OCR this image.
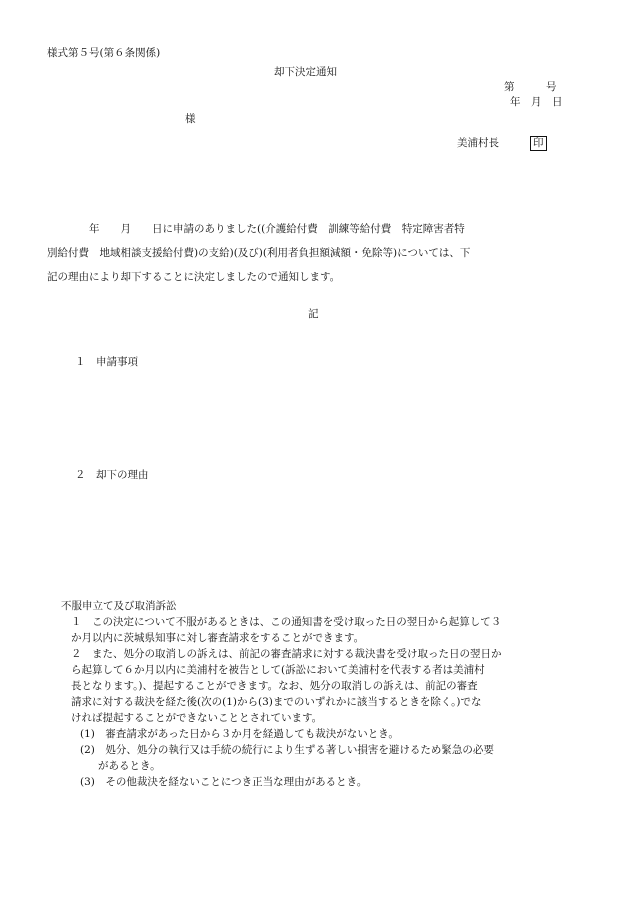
様式第５号(第６条関係)
却下決定通知
第　　　号
年　月　日
様
美浦村長	印
　　　　年　　月　　日に申請のありました((介護給付費　訓練等給付費　特定障害者特
別給付費　地域相談支援給付費)の支給)(及び)(利用者負担額減額・免除等)については、下
記の理由により却下することに決定しましたので通知します。
記
１　申請事項
２　却下の理由
不服申立て及び取消訴訟
１　この決定について不服があるときは、この通知書を受け取った日の翌日から起算して３
か月以内に茨城県知事に対し審査請求をすることができます。
２　また、処分の取消しの訴えは、前記の審査請求に対する裁決書を受け取った日の翌日か
ら起算して６か月以内に美浦村を被告として(訴訟において美浦村を代表する者は美浦村
長となります。)、提起することができます。なお、処分の取消しの訴えは、前記の審査
請求に対する裁決を経た後(次の(1)から(3)までのいずれかに該当するときを除く。)でな
ければ提起することができないこととされています。
(1)　審査請求があった日から３か月を経過しても裁決がないとき。
(2)　処分、処分の執行又は手続の続行により生ずる著しい損害を避けるため緊急の必要
があるとき。
(3)　その他裁決を経ないことにつき正当な理由があるとき。
